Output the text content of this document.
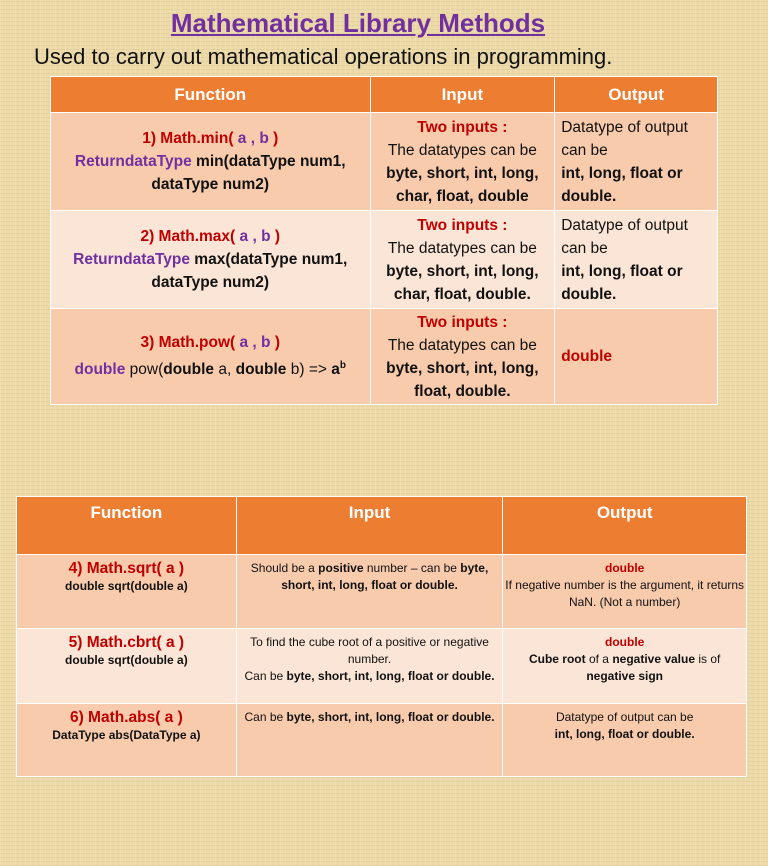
Mathematical Library Methods
Used to carry out mathematical operations in programming.
Function	Input	Output
1) Math.min( a , b )
ReturndataType min(dataType num1, dataType num2)	Two inputs :
The datatypes can be
byte, short, int, long, char, float, double	Datatype of output can be
int, long, float or double.
2) Math.max( a , b )
ReturndataType max(dataType num1, dataType num2)	Two inputs :
The datatypes can be
byte, short, int, long, char, float, double.	Datatype of output can be
int, long, float or double.
3) Math.pow( a , b )
double pow(double a, double $b) => a^b$	Two inputs :
The datatypes can be
byte, short, int, long, float, double.	double
Function	Input	Output
4) Math.sqrt( a )
double sqrt(double a)	Should be a positive number – can be byte, short, int, long, float or double.	double
If negative number is the argument, it returns NaN. (Not a number)
5) Math.cbrt( a )
double sqrt(double a)	To find the cube root of a positive or negative number.
Can be byte, short, int, long, float or double.	double
Cube root of a negative value is of negative sign
6) Math.abs( a )
DataType abs(DataType a)	Can be byte, short, int, long, float or double.	Datatype of output can be
int, long, float or double.
